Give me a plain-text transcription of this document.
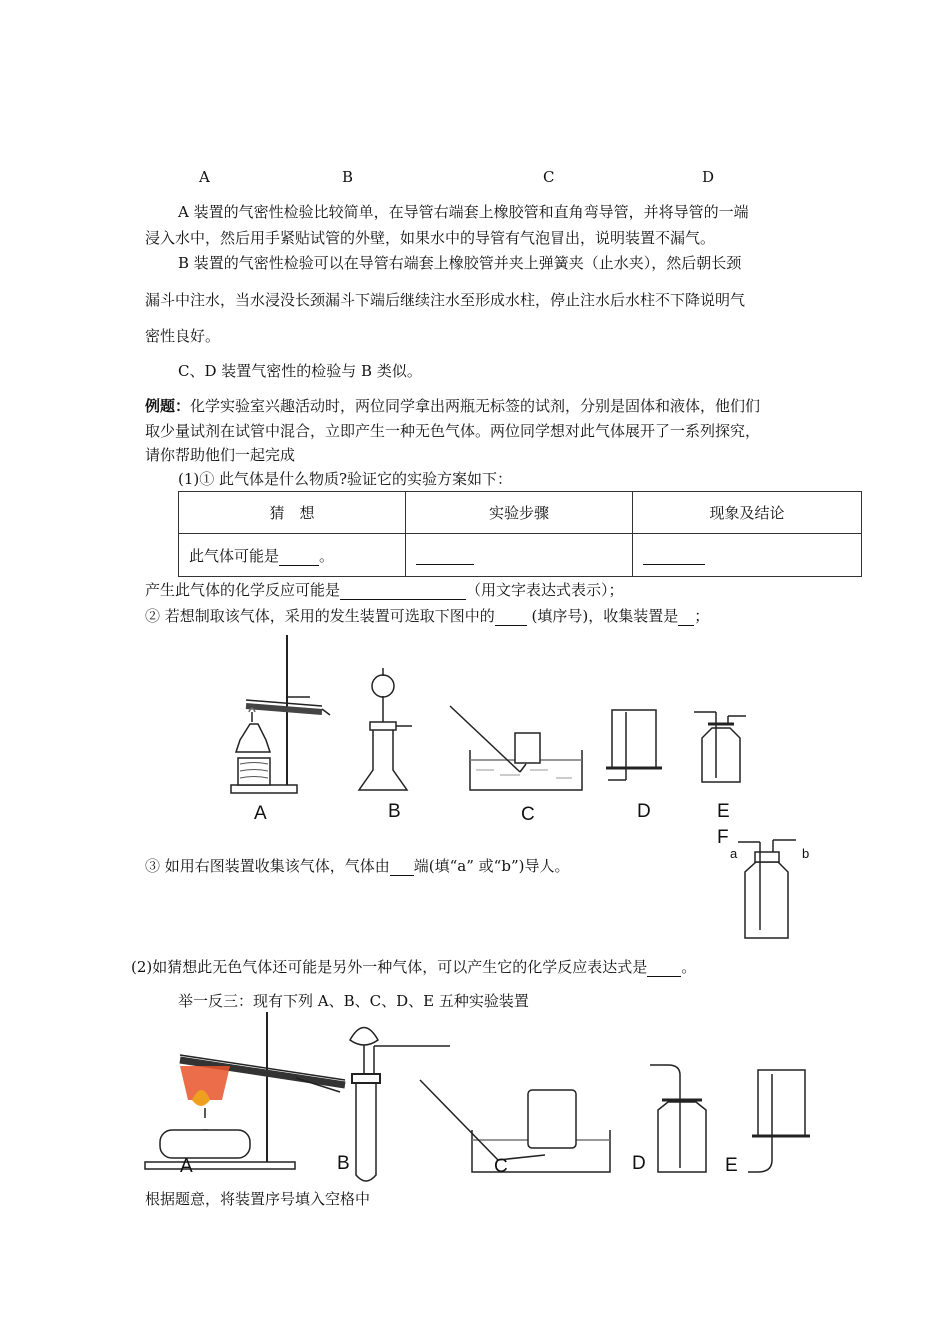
A	B	C	D
A 装置的气密性检验比较简单，在导管右端套上橡胶管和直角弯导管，并将导管的一端
浸入水中，然后用手紧贴试管的外壁，如果水中的导管有气泡冒出，说明装置不漏气。
B 装置的气密性检验可以在导管右端套上橡胶管并夹上弹簧夹（止水夹），然后朝长颈
漏斗中注水，当水浸没长颈漏斗下端后继续注水至形成水柱，停止注水后水柱不下降说明气
密性良好。
C、D 装置气密性的检验与 B 类似。
例题：化学实验室兴趣活动时，两位同学拿出两瓶无标签的试剂，分别是固体和液体，他们们
取少量试剂在试管中混合，立即产生一种无色气体。两位同学想对此气体展开了一系列探究，
请你帮助他们一起完成
(1)① 此气体是什么物质?验证它的实验方案如下：
猜　想	实验步骤	现象及结论
此气体可能是 。		
产生此气体的化学反应可能是	（用文字表达式表示）；
② 若想制取该气体，采用的发生装置可选取下图中的  (填序号)，收集装置是 ；
A	B	C	D	E
F
a	b
③ 如用右图装置收集该气体，气体由 端(填“a” 或“b”)导人。
(2)如猜想此无色气体还可能是另外一种气体，可以产生它的化学反应表达式是 。
举一反三：现有下列 A、B、C、D、E 五种实验装置
A	B	C	D	E
根据题意，将装置序号填入空格中
